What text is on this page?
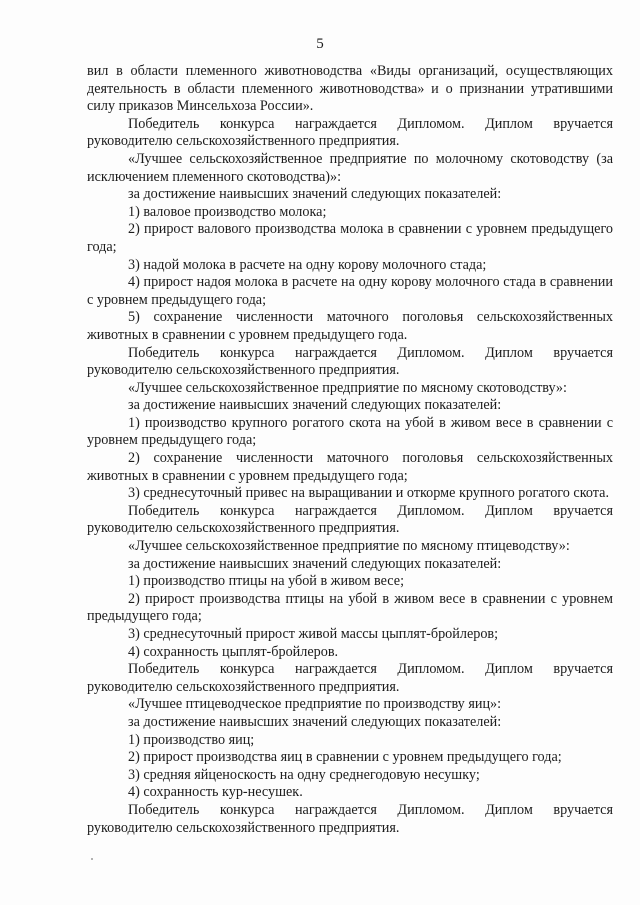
5

вил в области племенного животноводства «Виды организаций, осуществляющих деятельность в области племенного животноводства» и о признании утратившими силу приказов Минсельхоза России».

Победитель конкурса награждается Дипломом. Диплом вручается руководителю сельскохозяйственного предприятия.

«Лучшее сельскохозяйственное предприятие по молочному скотоводству (за исключением племенного скотоводства)»:

за достижение наивысших значений следующих показателей:

1) валовое производство молока;

2) прирост валового производства молока в сравнении с уровнем предыдущего года;

3) надой молока в расчете на одну корову молочного стада;

4) прирост надоя молока в расчете на одну корову молочного стада в сравнении с уровнем предыдущего года;

5) сохранение численности маточного поголовья сельскохозяйственных животных в сравнении с уровнем предыдущего года.

Победитель конкурса награждается Дипломом. Диплом вручается руководителю сельскохозяйственного предприятия.

«Лучшее сельскохозяйственное предприятие по мясному скотоводству»:

за достижение наивысших значений следующих показателей:

1) производство крупного рогатого скота на убой в живом весе в сравнении с уровнем предыдущего года;

2) сохранение численности маточного поголовья сельскохозяйственных животных в сравнении с уровнем предыдущего года;

3) среднесуточный привес на выращивании и откорме крупного рогатого скота.

Победитель конкурса награждается Дипломом. Диплом вручается руководителю сельскохозяйственного предприятия.

«Лучшее сельскохозяйственное предприятие по мясному птицеводству»:

за достижение наивысших значений следующих показателей:

1) производство птицы на убой в живом весе;

2) прирост производства птицы на убой в живом весе в сравнении с уровнем предыдущего года;

3) среднесуточный прирост живой массы цыплят-бройлеров;

4) сохранность цыплят-бройлеров.

Победитель конкурса награждается Дипломом. Диплом вручается руководителю сельскохозяйственного предприятия.

«Лучшее птицеводческое предприятие по производству яиц»:

за достижение наивысших значений следующих показателей:

1) производство яиц;

2) прирост производства яиц в сравнении с уровнем предыдущего года;

3) средняя яйценоскость на одну среднегодовую несушку;

4) сохранность кур-несушек.

Победитель конкурса награждается Дипломом. Диплом вручается руководителю сельскохозяйственного предприятия.
